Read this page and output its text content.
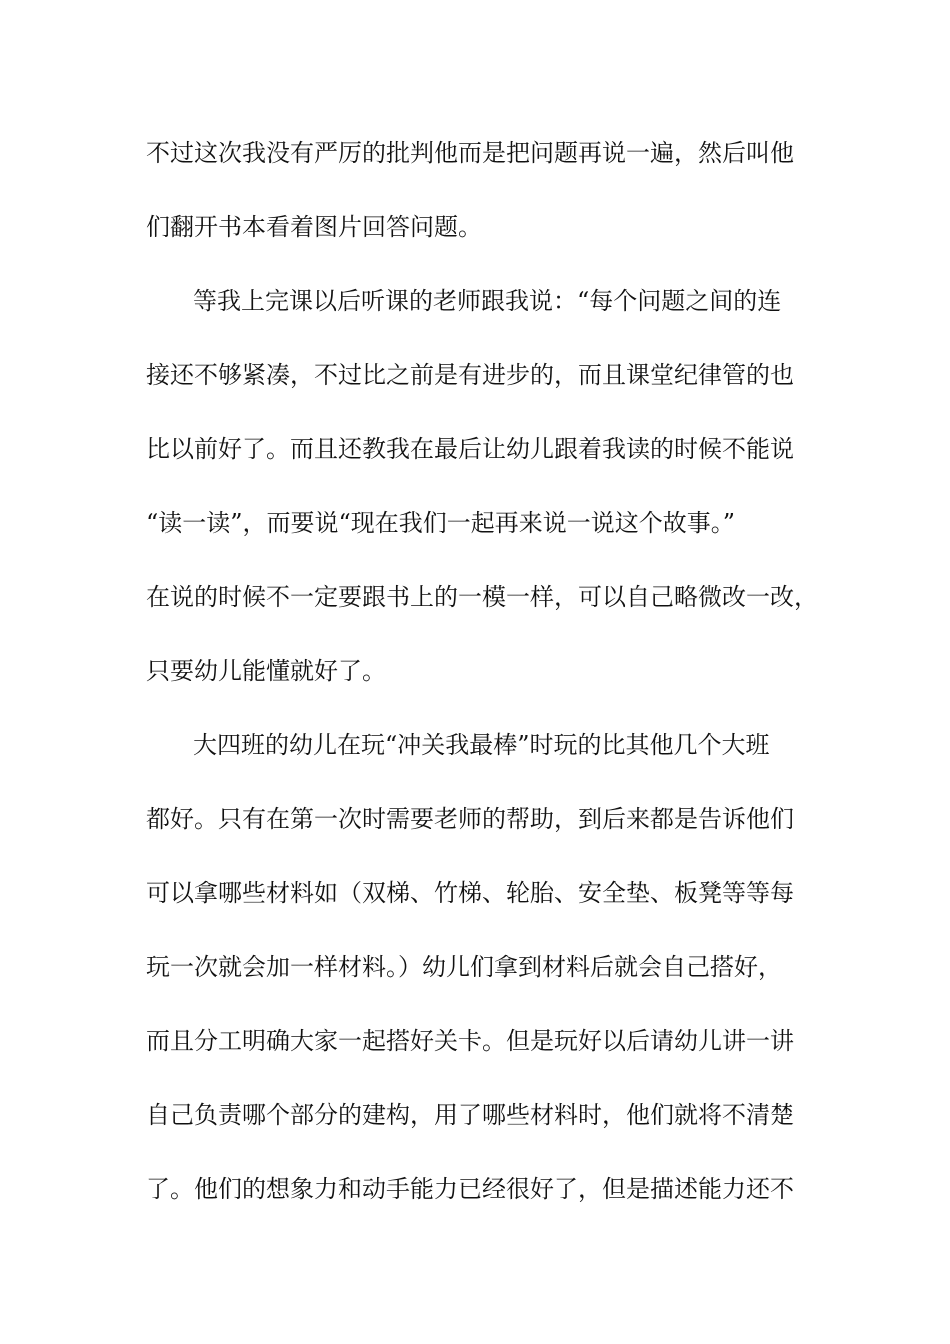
不过这次我没有严厉的批判他而是把问题再说一遍，然后叫他

们翻开书本看着图片回答问题。

等我上完课以后听课的老师跟我说：“每个问题之间的连

接还不够紧凑，不过比之前是有进步的，而且课堂纪律管的也

比以前好了。而且还教我在最后让幼儿跟着我读的时候不能说

“读一读”，而要说“现在我们一起再来说一说这个故事。”

在说的时候不一定要跟书上的一模一样，可以自己略微改一改，

只要幼儿能懂就好了。

大四班的幼儿在玩“冲关我最棒”时玩的比其他几个大班

都好。只有在第一次时需要老师的帮助，到后来都是告诉他们

可以拿哪些材料如（双梯、竹梯、轮胎、安全垫、板凳等等每

玩一次就会加一样材料。）幼儿们拿到材料后就会自己搭好，

而且分工明确大家一起搭好关卡。但是玩好以后请幼儿讲一讲

自己负责哪个部分的建构，用了哪些材料时，他们就将不清楚

了。他们的想象力和动手能力已经很好了，但是描述能力还不
